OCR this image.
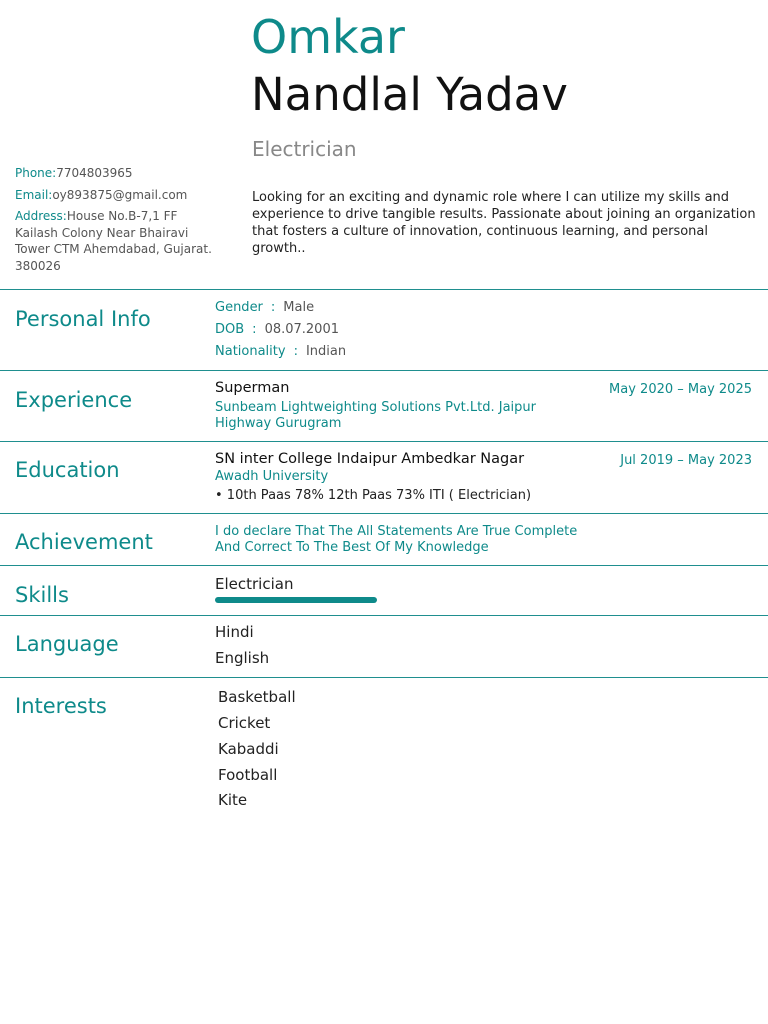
Omkar
Nandlal Yadav
Electrician
Phone:7704803965
Email:oy893875@gmail.com
Address:House No.B-7,1 FF Kailash Colony Near Bhairavi Tower CTM Ahemdabad, Gujarat. 380026
Looking for an exciting and dynamic role where I can utilize my skills and experience to drive tangible results. Passionate about joining an organization that fosters a culture of innovation, continuous learning, and personal growth..
Personal Info	Gender : Male
DOB : 08.07.2001
Nationality : Indian
Experience	Superman	May 2020 – May 2025
Sunbeam Lightweighting Solutions Pvt.Ltd. Jaipur Highway Gurugram
Education	SN inter College Indaipur Ambedkar Nagar	Jul 2019 – May 2023
Awadh University
• 10th Paas 78% 12th Paas 73% ITI ( Electrician)
Achievement	I do declare That The All Statements Are True Complete And Correct To The Best Of My Knowledge
Skills	Electrician
Language	Hindi
English
Interests	Basketball
Cricket
Kabaddi
Football
Kite
